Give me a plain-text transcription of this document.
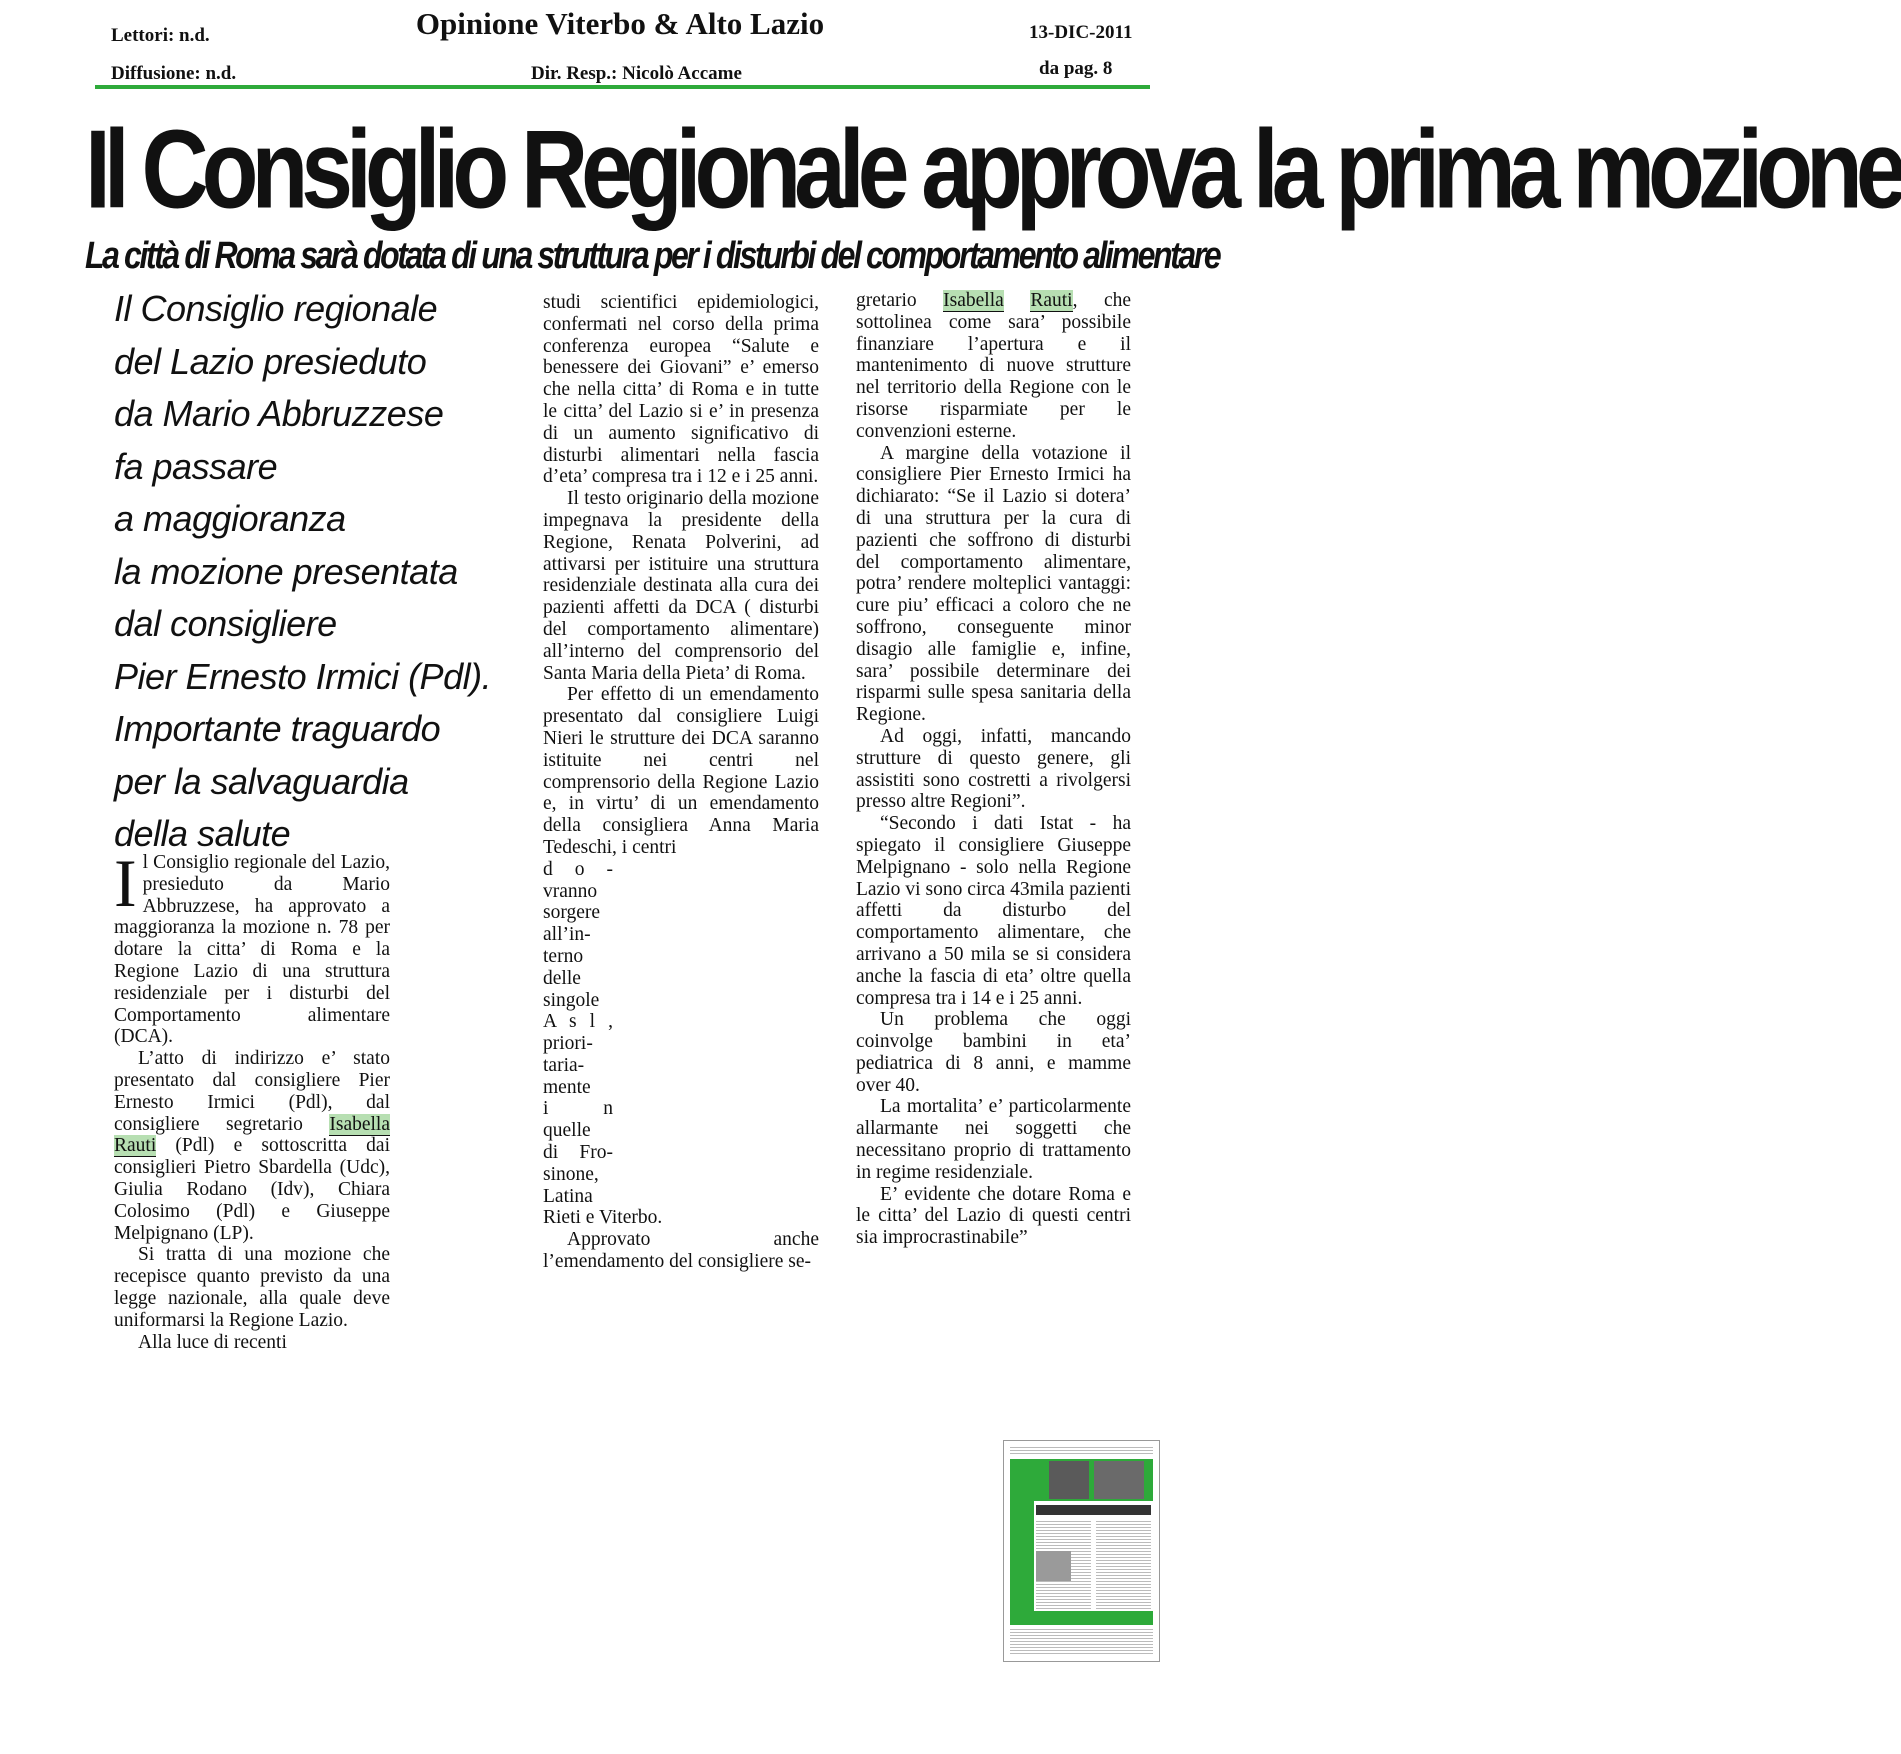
Lettori: n.d.
Diffusione: n.d.
Opinione Viterbo & Alto Lazio
Dir. Resp.: Nicolò Accame
13-DIC-2011
da pag. 8
Il Consiglio Regionale approva la prima mozione
La città di Roma sarà dotata di una struttura per i disturbi del comportamento alimentare
Il Consiglio regionale
del Lazio presieduto
da Mario Abbruzzese
fa passare
a maggioranza
la mozione presentata
dal consigliere
Pier Ernesto Irmici (Pdl).
Importante traguardo
per la salvaguardia
della salute

Il Consiglio regionale del Lazio, presieduto da Mario Abbruzzese, ha approvato a maggioranza la mozione n. 78 per dotare la citta’ di Roma e la Regione Lazio di una struttura residenziale per i disturbi del Comportamento alimentare (DCA).

L’atto di indirizzo e’ stato presentato dal consigliere Pier Ernesto Irmici (Pdl), dal consigliere segretario Isabella Rauti (Pdl) e sottoscritta dai consiglieri Pietro Sbardella (Udc), Giulia Rodano (Idv), Chiara Colosimo (Pdl) e Giuseppe Melpignano (LP).

Si tratta di una mozione che recepisce quanto previsto da una legge nazionale, alla quale deve uniformarsi la Regione Lazio.

Alla luce di recenti

studi scientifici epidemiologici, confermati nel corso della prima conferenza europea “Salute e benessere dei Giovani” e’ emerso che nella citta’ di Roma e in tutte le citta’ del Lazio si e’ in presenza di un aumento significativo di disturbi alimentari nella fascia d’eta’ compresa tra i 12 e i 25 anni.

Il testo originario della mozione impegnava la presidente della Regione, Renata Polverini, ad attivarsi per istituire una struttura residenziale destinata alla cura dei pazienti affetti da DCA ( disturbi del comportamento alimentare) all’interno del comprensorio del Santa Maria della Pieta’ di Roma.

Per effetto di un emendamento presentato dal consigliere Luigi Nieri le strutture dei DCA saranno istituite nei centri nel comprensorio della Regione Lazio e, in virtu’ di un emendamento della consigliera Anna Maria Tedeschi, i centri

d o -
vranno
sorgere
all’in-
terno
delle
singole
A s l ,
priori-
taria-
mente
i n
quelle
di Fro-
sinone,
Latina

Rieti e Viterbo.

Approvato anche l’emendamento del consigliere se-

gretario Isabella Rauti, che sottolinea come sara’ possibile finanziare l’apertura e il mantenimento di nuove strutture nel territorio della Regione con le risorse risparmiate per le convenzioni esterne.

A margine della votazione il consigliere Pier Ernesto Irmici ha dichiarato: “Se il Lazio si dotera’ di una struttura per la cura di pazienti che soffrono di disturbi del comportamento alimentare, potra’ rendere molteplici vantaggi: cure piu’ efficaci a coloro che ne soffrono, conseguente minor disagio alle famiglie e, infine, sara’ possibile determinare dei risparmi sulle spesa sanitaria della Regione.

Ad oggi, infatti, mancando strutture di questo genere, gli assistiti sono costretti a rivolgersi presso altre Regioni”.

“Secondo i dati Istat - ha spiegato il consigliere Giuseppe Melpignano - solo nella Regione Lazio vi sono circa 43mila pazienti affetti da disturbo del comportamento alimentare, che arrivano a 50 mila se si considera anche la fascia di eta’ oltre quella compresa tra i 14 e i 25 anni.

Un problema che oggi coinvolge bambini in eta’ pediatrica di 8 anni, e mamme over 40.

La mortalita’ e’ particolarmente allarmante nei soggetti che necessitano proprio di trattamento in regime residenziale.

E’ evidente che dotare Roma e le citta’ del Lazio di questi centri sia improcrastinabile”
